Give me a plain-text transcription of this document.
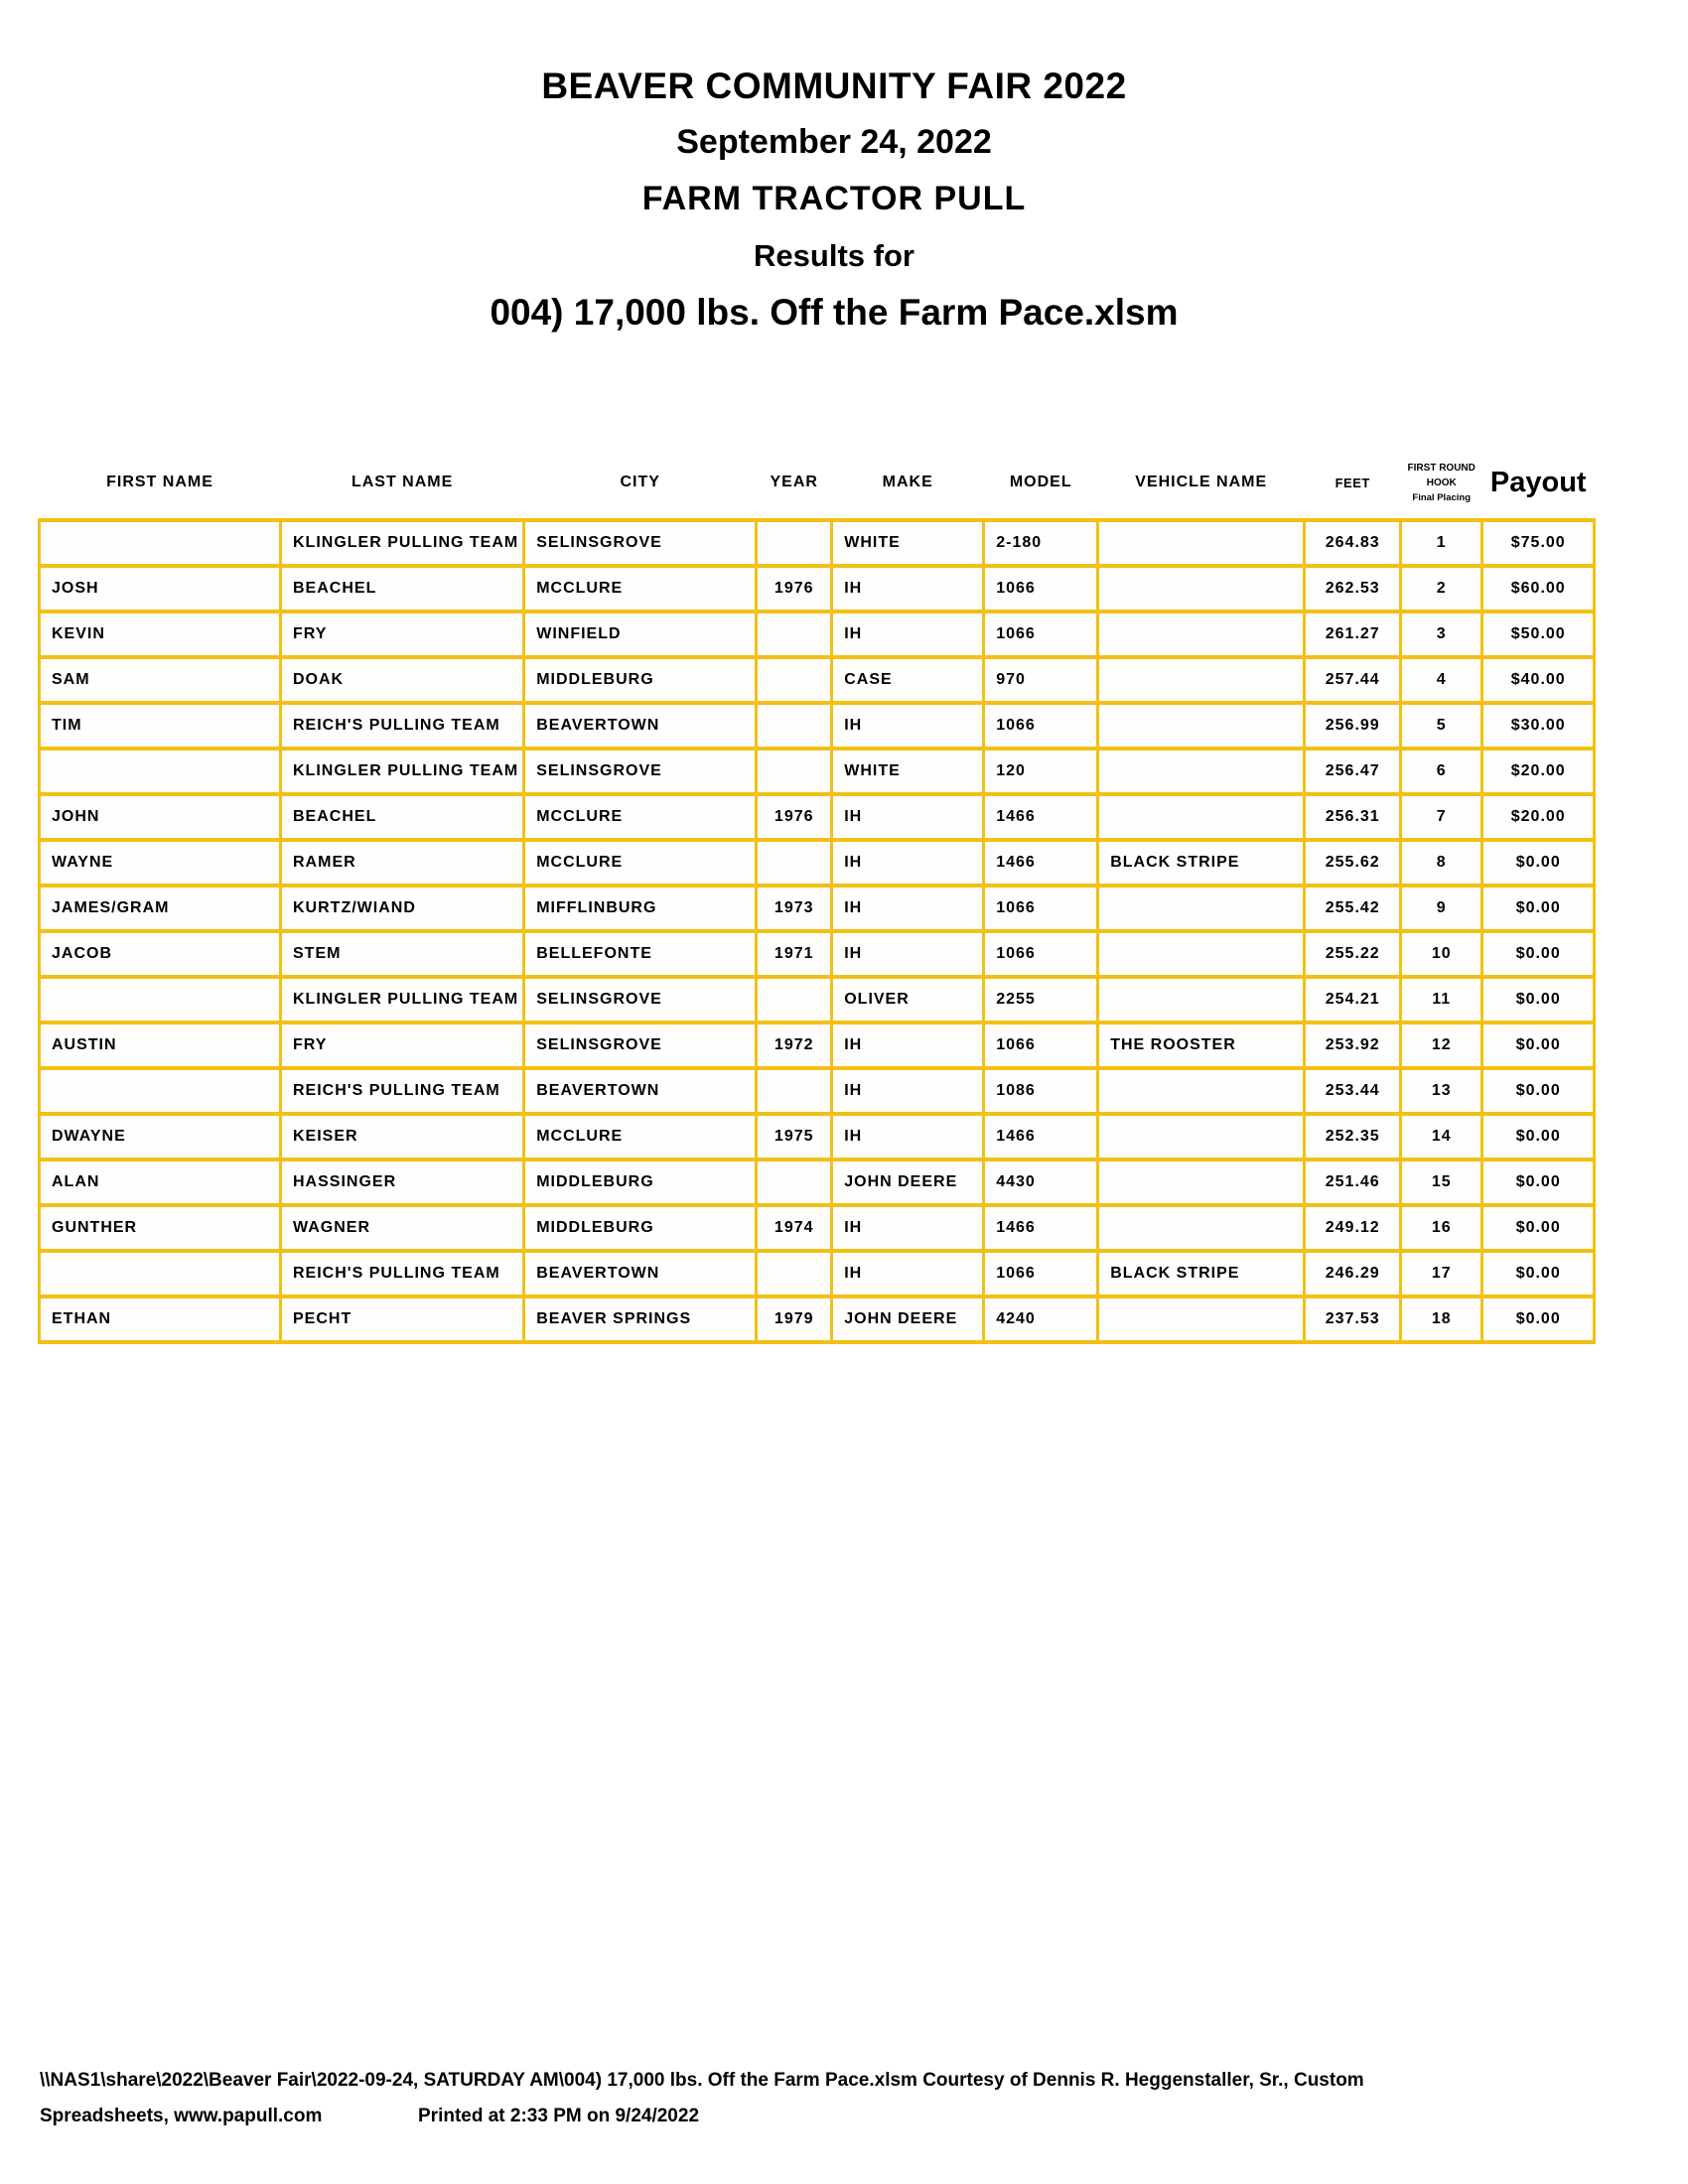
BEAVER COMMUNITY FAIR 2022
September 24, 2022
FARM TRACTOR PULL
Results for
004) 17,000 lbs. Off the Farm Pace.xlsm
FIRST NAME	LAST NAME	CITY	YEAR	MAKE	MODEL	VEHICLE NAME	FEET	FIRST ROUND
HOOK
Final Placing	Payout
	KLINGLER PULLING TEAM	SELINSGROVE		WHITE	2-180		264.83	1	$75.00
JOSH	BEACHEL	MCCLURE	1976	IH	1066		262.53	2	$60.00
KEVIN	FRY	WINFIELD		IH	1066		261.27	3	$50.00
SAM	DOAK	MIDDLEBURG		CASE	970		257.44	4	$40.00
TIM	REICH'S PULLING TEAM	BEAVERTOWN		IH	1066		256.99	5	$30.00
	KLINGLER PULLING TEAM	SELINSGROVE		WHITE	120		256.47	6	$20.00
JOHN	BEACHEL	MCCLURE	1976	IH	1466		256.31	7	$20.00
WAYNE	RAMER	MCCLURE		IH	1466	BLACK STRIPE	255.62	8	$0.00
JAMES/GRAM	KURTZ/WIAND	MIFFLINBURG	1973	IH	1066		255.42	9	$0.00
JACOB	STEM	BELLEFONTE	1971	IH	1066		255.22	10	$0.00
	KLINGLER PULLING TEAM	SELINSGROVE		OLIVER	2255		254.21	11	$0.00
AUSTIN	FRY	SELINSGROVE	1972	IH	1066	THE ROOSTER	253.92	12	$0.00
	REICH'S PULLING TEAM	BEAVERTOWN		IH	1086		253.44	13	$0.00
DWAYNE	KEISER	MCCLURE	1975	IH	1466		252.35	14	$0.00
ALAN	HASSINGER	MIDDLEBURG		JOHN DEERE	4430		251.46	15	$0.00
GUNTHER	WAGNER	MIDDLEBURG	1974	IH	1466		249.12	16	$0.00
	REICH'S PULLING TEAM	BEAVERTOWN		IH	1066	BLACK STRIPE	246.29	17	$0.00
ETHAN	PECHT	BEAVER SPRINGS	1979	JOHN DEERE	4240		237.53	18	$0.00
\\NAS1\share\2022\Beaver Fair\2022-09-24, SATURDAY AM\004) 17,000 lbs. Off the Farm Pace.xlsm Courtesy of Dennis R. Heggenstaller, Sr., Custom
Spreadsheets, www.papull.com	Printed at 2:33 PM on 9/24/2022
